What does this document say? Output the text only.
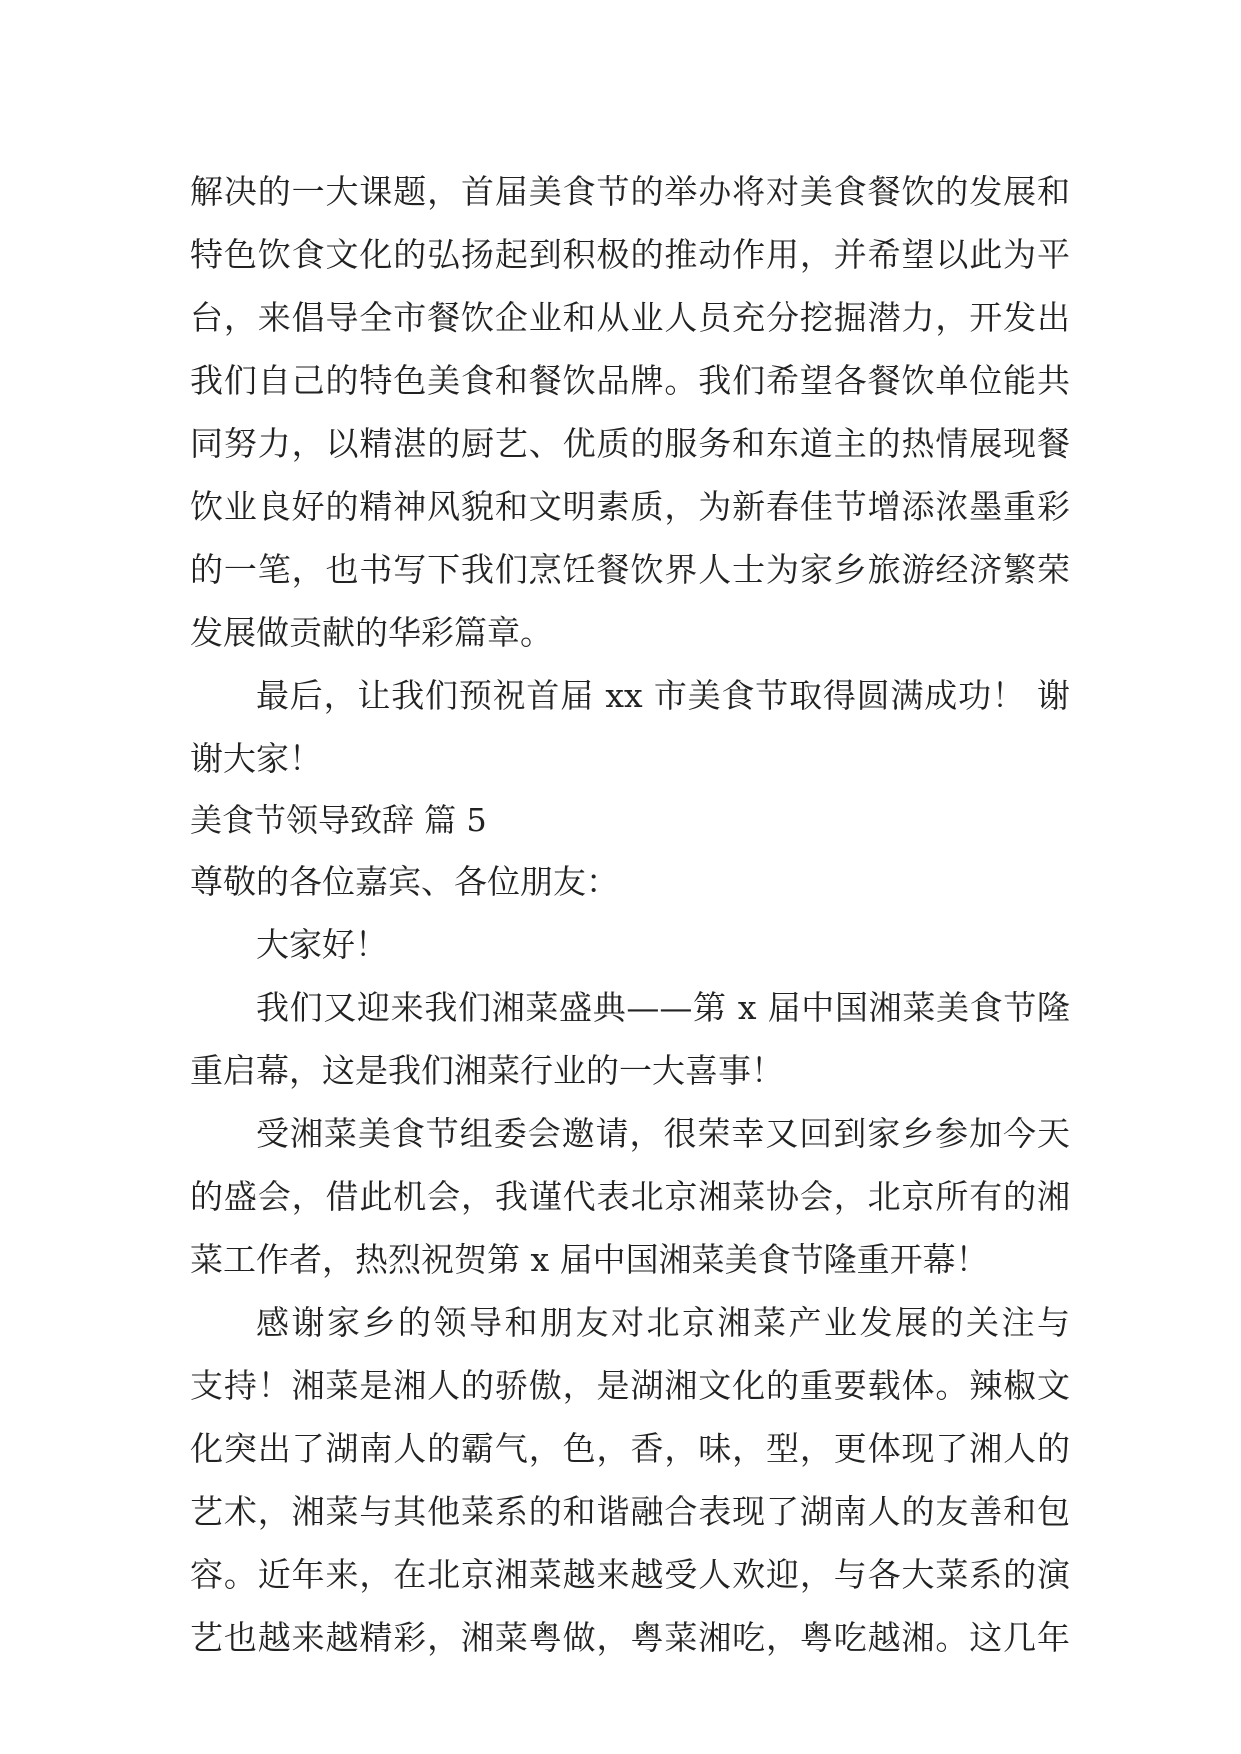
解决的一大课题，首届美食节的举办将对美食餐饮的发展和
特色饮食文化的弘扬起到积极的推动作用，并希望以此为平
台，来倡导全市餐饮企业和从业人员充分挖掘潜力，开发出
我们自己的特色美食和餐饮品牌。我们希望各餐饮单位能共
同努力，以精湛的厨艺、优质的服务和东道主的热情展现餐
饮业良好的精神风貌和文明素质，为新春佳节增添浓墨重彩
的一笔，也书写下我们烹饪餐饮界人士为家乡旅游经济繁荣
发展做贡献的华彩篇章。
最后，让我们预祝首届 xx 市美食节取得圆满成功！ 谢
谢大家！
美食节领导致辞 篇 5
尊敬的各位嘉宾、各位朋友：
大家好！
我们又迎来我们湘菜盛典——第 x 届中国湘菜美食节隆
重启幕，这是我们湘菜行业的一大喜事！
受湘菜美食节组委会邀请，很荣幸又回到家乡参加今天
的盛会，借此机会，我谨代表北京湘菜协会，北京所有的湘
菜工作者，热烈祝贺第 x 届中国湘菜美食节隆重开幕！
感谢家乡的领导和朋友对北京湘菜产业发展的关注与
支持！湘菜是湘人的骄傲，是湖湘文化的重要载体。辣椒文
化突出了湖南人的霸气，色，香，味，型，更体现了湘人的
艺术，湘菜与其他菜系的和谐融合表现了湖南人的友善和包
容。近年来，在北京湘菜越来越受人欢迎，与各大菜系的演
艺也越来越精彩，湘菜粤做，粤菜湘吃，粤吃越湘。这几年
